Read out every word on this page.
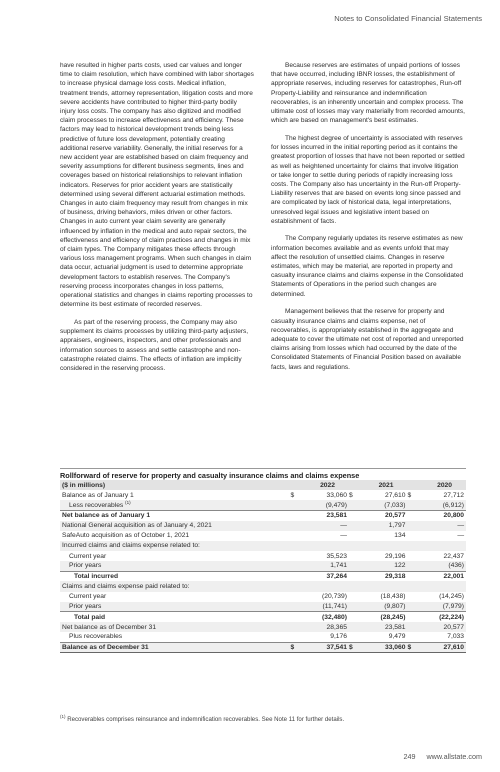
Notes to Consolidated Financial Statements

have resulted in higher parts costs, used car values and longer time to claim resolution, which have combined with labor shortages to increase physical damage loss costs. Medical inflation, treatment trends, attorney representation, litigation costs and more severe accidents have contributed to higher third-party bodily injury loss costs. The company has also digitized and modified claim processes to increase effectiveness and efficiency. These factors may lead to historical development trends being less predictive of future loss development, potentially creating additional reserve variability. Generally, the initial reserves for a new accident year are established based on claim frequency and severity assumptions for different business segments, lines and coverages based on historical relationships to relevant inflation indicators. Reserves for prior accident years are statistically determined using several different actuarial estimation methods. Changes in auto claim frequency may result from changes in mix of business, driving behaviors, miles driven or other factors. Changes in auto current year claim severity are generally influenced by inflation in the medical and auto repair sectors, the effectiveness and efficiency of claim practices and changes in mix of claim types. The Company mitigates these effects through various loss management programs. When such changes in claim data occur, actuarial judgment is used to determine appropriate development factors to establish reserves. The Company's reserving process incorporates changes in loss patterns, operational statistics and changes in claims reporting processes to determine its best estimate of recorded reserves.

As part of the reserving process, the Company may also supplement its claims processes by utilizing third-party adjusters, appraisers, engineers, inspectors, and other professionals and information sources to assess and settle catastrophe and non-catastrophe related claims. The effects of inflation are implicitly considered in the reserving process.

Because reserves are estimates of unpaid portions of losses that have occurred, including IBNR losses, the establishment of appropriate reserves, including reserves for catastrophes, Run-off Property-Liability and reinsurance and indemnification recoverables, is an inherently uncertain and complex process. The ultimate cost of losses may vary materially from recorded amounts, which are based on management's best estimates.

The highest degree of uncertainty is associated with reserves for losses incurred in the initial reporting period as it contains the greatest proportion of losses that have not been reported or settled as well as heightened uncertainty for claims that involve litigation or take longer to settle during periods of rapidly increasing loss costs. The Company also has uncertainty in the Run-off Property-Liability reserves that are based on events long since passed and are complicated by lack of historical data, legal interpretations, unresolved legal issues and legislative intent based on establishment of facts.

The Company regularly updates its reserve estimates as new information becomes available and as events unfold that may affect the resolution of unsettled claims. Changes in reserve estimates, which may be material, are reported in property and casualty insurance claims and claims expense in the Consolidated Statements of Operations in the period such changes are determined.

Management believes that the reserve for property and casualty insurance claims and claims expense, net of recoverables, is appropriately established in the aggregate and adequate to cover the ultimate net cost of reported and unreported claims arising from losses which had occurred by the date of the Consolidated Statements of Financial Position based on available facts, laws and regulations.

Rollforward of reserve for property and casualty insurance claims and claims expense
($ in millions)		2022		2021		2020
Balance as of January 1	$	33,060	$	27,610	$	27,712
Less recoverables $^{(1)}$		(9,479)		(7,033)		(6,912)
Net balance as of January 1		23,581		20,577		20,800
National General acquisition as of January 4, 2021		—		1,797		—
SafeAuto acquisition as of October 1, 2021		—		134		—
Incurred claims and claims expense related to:						
Current year		35,523		29,196		22,437
Prior years		1,741		122		(436)
Total incurred		37,264		29,318		22,001
Claims and claims expense paid related to:						
Current year		(20,739)		(18,438)		(14,245)
Prior years		(11,741)		(9,807)		(7,979)
Total paid		(32,480)		(28,245)		(22,224)
Net balance as of December 31		28,365		23,581		20,577
Plus recoverables		9,176		9,479		7,033
Balance as of December 31	$	37,541	$	33,060	$	27,610
$^{(1)}$ Recoverables comprises reinsurance and indemnification recoverables. See Note 11 for further details.
249 www.allstate.com
